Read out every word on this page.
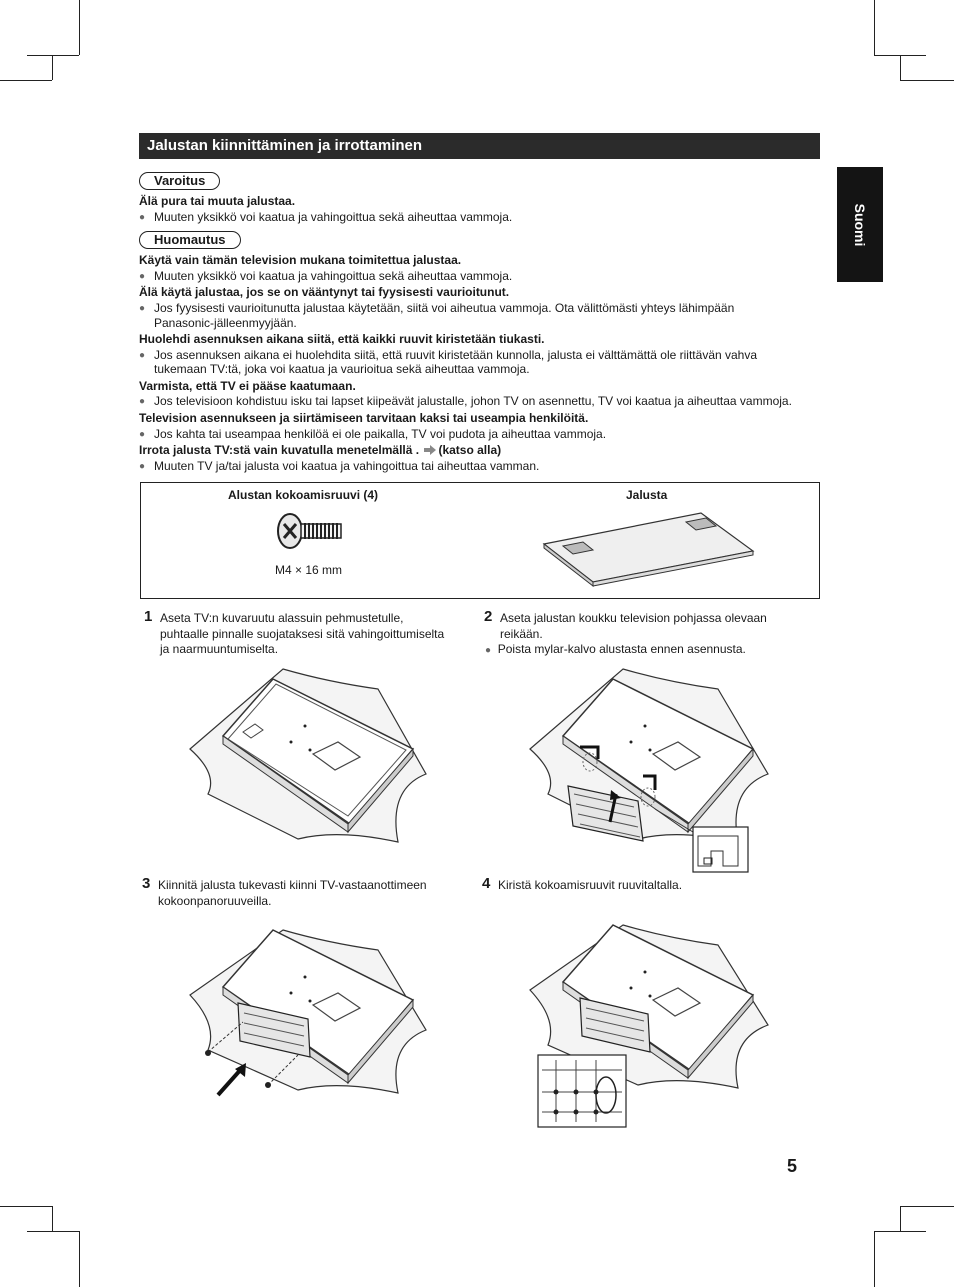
Suomi
Jalustan kiinnittäminen ja irrottaminen
Varoitus
Älä pura tai muuta jalustaa.
● Muuten yksikkö voi kaatua ja vahingoittua sekä aiheuttaa vammoja.
Huomautus
Käytä vain tämän television mukana toimitettua jalustaa.
● Muuten yksikkö voi kaatua ja vahingoittua sekä aiheuttaa vammoja.
Älä käytä jalustaa, jos se on vääntynyt tai fyysisesti vaurioitunut.
● Jos fyysisesti vaurioitunutta jalustaa käytetään, siitä voi aiheutua vammoja. Ota välittömästi yhteys lähimpään
Panasonic-jälleenmyyjään.
Huolehdi asennuksen aikana siitä, että kaikki ruuvit kiristetään tiukasti.
● Jos asennuksen aikana ei huolehdita siitä, että ruuvit kiristetään kunnolla, jalusta ei välttämättä ole riittävän vahva
tukemaan TV:tä, joka voi kaatua ja vaurioitua sekä aiheuttaa vammoja.
Varmista, että TV ei pääse kaatumaan.
● Jos televisioon kohdistuu isku tai lapset kiipeävät jalustalle, johon TV on asennettu, TV voi kaatua ja aiheuttaa vammoja.
Television asennukseen ja siirtämiseen tarvitaan kaksi tai useampia henkilöitä.
● Jos kahta tai useampaa henkilöä ei ole paikalla, TV voi pudota ja aiheuttaa vammoja.
Irrota jalusta TV:stä vain kuvatulla menetelmällä . (katso alla)
● Muuten TV ja/tai jalusta voi kaatua ja vahingoittua tai aiheuttaa vamman.
Alustan kokoamisruuvi (4)
M4 × 16 mm
Jalusta
1 Aseta TV:n kuvaruutu alassuin pehmustetulle,
puhtaalle pinnalle suojataksesi sitä vahingoittumiselta
ja naarmuuntumiselta.
2 Aseta jalustan koukku television pohjassa olevaan
reikään.
● Poista mylar-kalvo alustasta ennen asennusta.
3 Kiinnitä jalusta tukevasti kiinni TV-vastaanottimeen
kokoonpanoruuveilla.
4 Kiristä kokoamisruuvit ruuvitaltalla.
5
